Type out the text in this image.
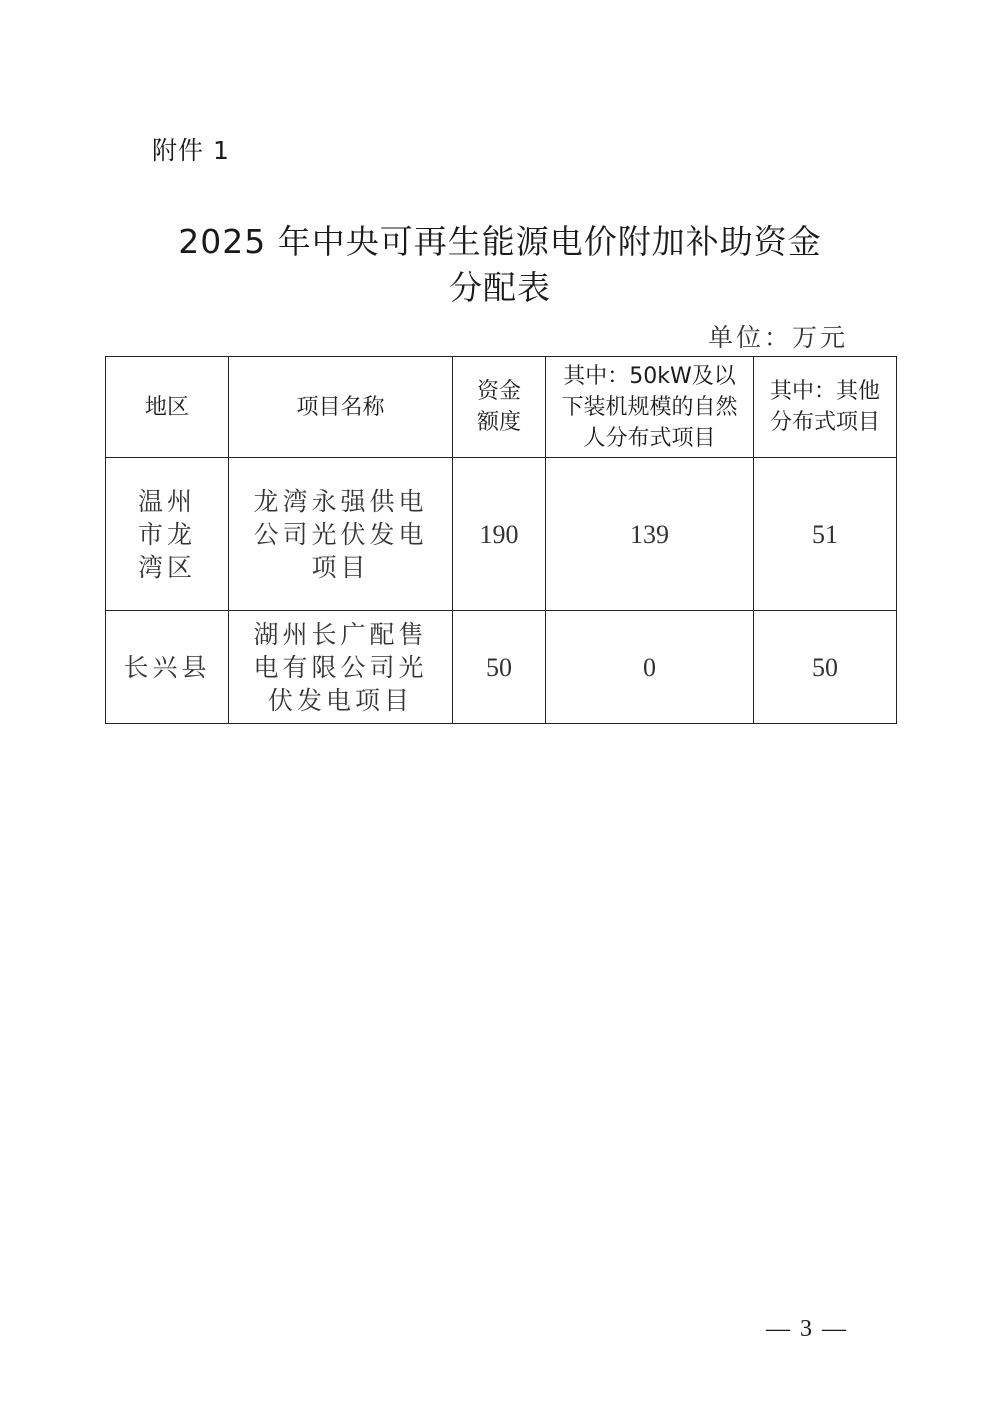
附件 1
2025 年中央可再生能源电价附加补助资金
分配表
单位：万元
地区	项目名称	资金额度	其中：50kW及以下装机规模的自然人分布式项目	其中：其他分布式项目
温州市龙湾区	龙湾永强供电公司光伏发电项目	190	139	51
长兴县	湖州长广配售电有限公司光伏发电项目	50	0	50
— 3 —
